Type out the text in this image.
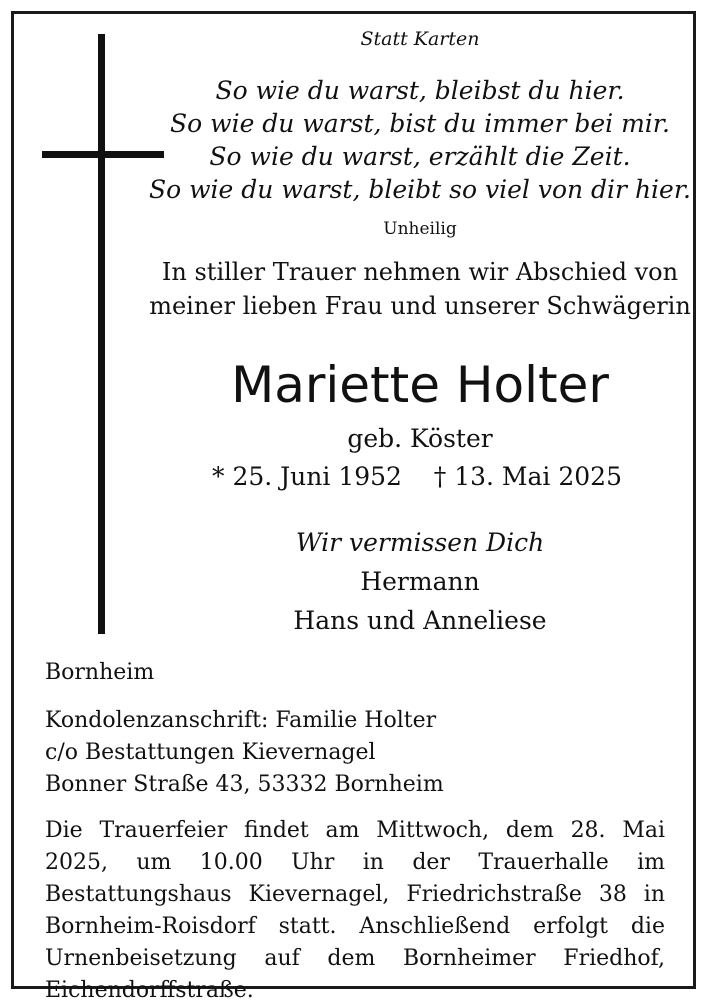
Statt Karten
So wie du warst, bleibst du hier.
So wie du warst, bist du immer bei mir.
So wie du warst, erzählt die Zeit.
So wie du warst, bleibt so viel von dir hier.
Unheilig
In stiller Trauer nehmen wir Abschied von
meiner lieben Frau und unserer Schwägerin
Mariette Holter
geb. Köster
* 25. Juni 1952 † 13. Mai 2025
Wir vermissen Dich
Hermann
Hans und Anneliese
Bornheim
Kondolenzanschrift: Familie Holter
c/o Bestattungen Kievernagel
Bonner Straße 43, 53332 Bornheim
Die Trauerfeier findet am Mittwoch, dem 28. Mai 2025, um 10.00 Uhr in der Trauerhalle im Bestattungshaus Kievernagel, Friedrichstraße 38 in Bornheim-Roisdorf statt. Anschließend erfolgt die Urnenbeisetzung auf dem Bornheimer Friedhof, Eichendorffstraße.
